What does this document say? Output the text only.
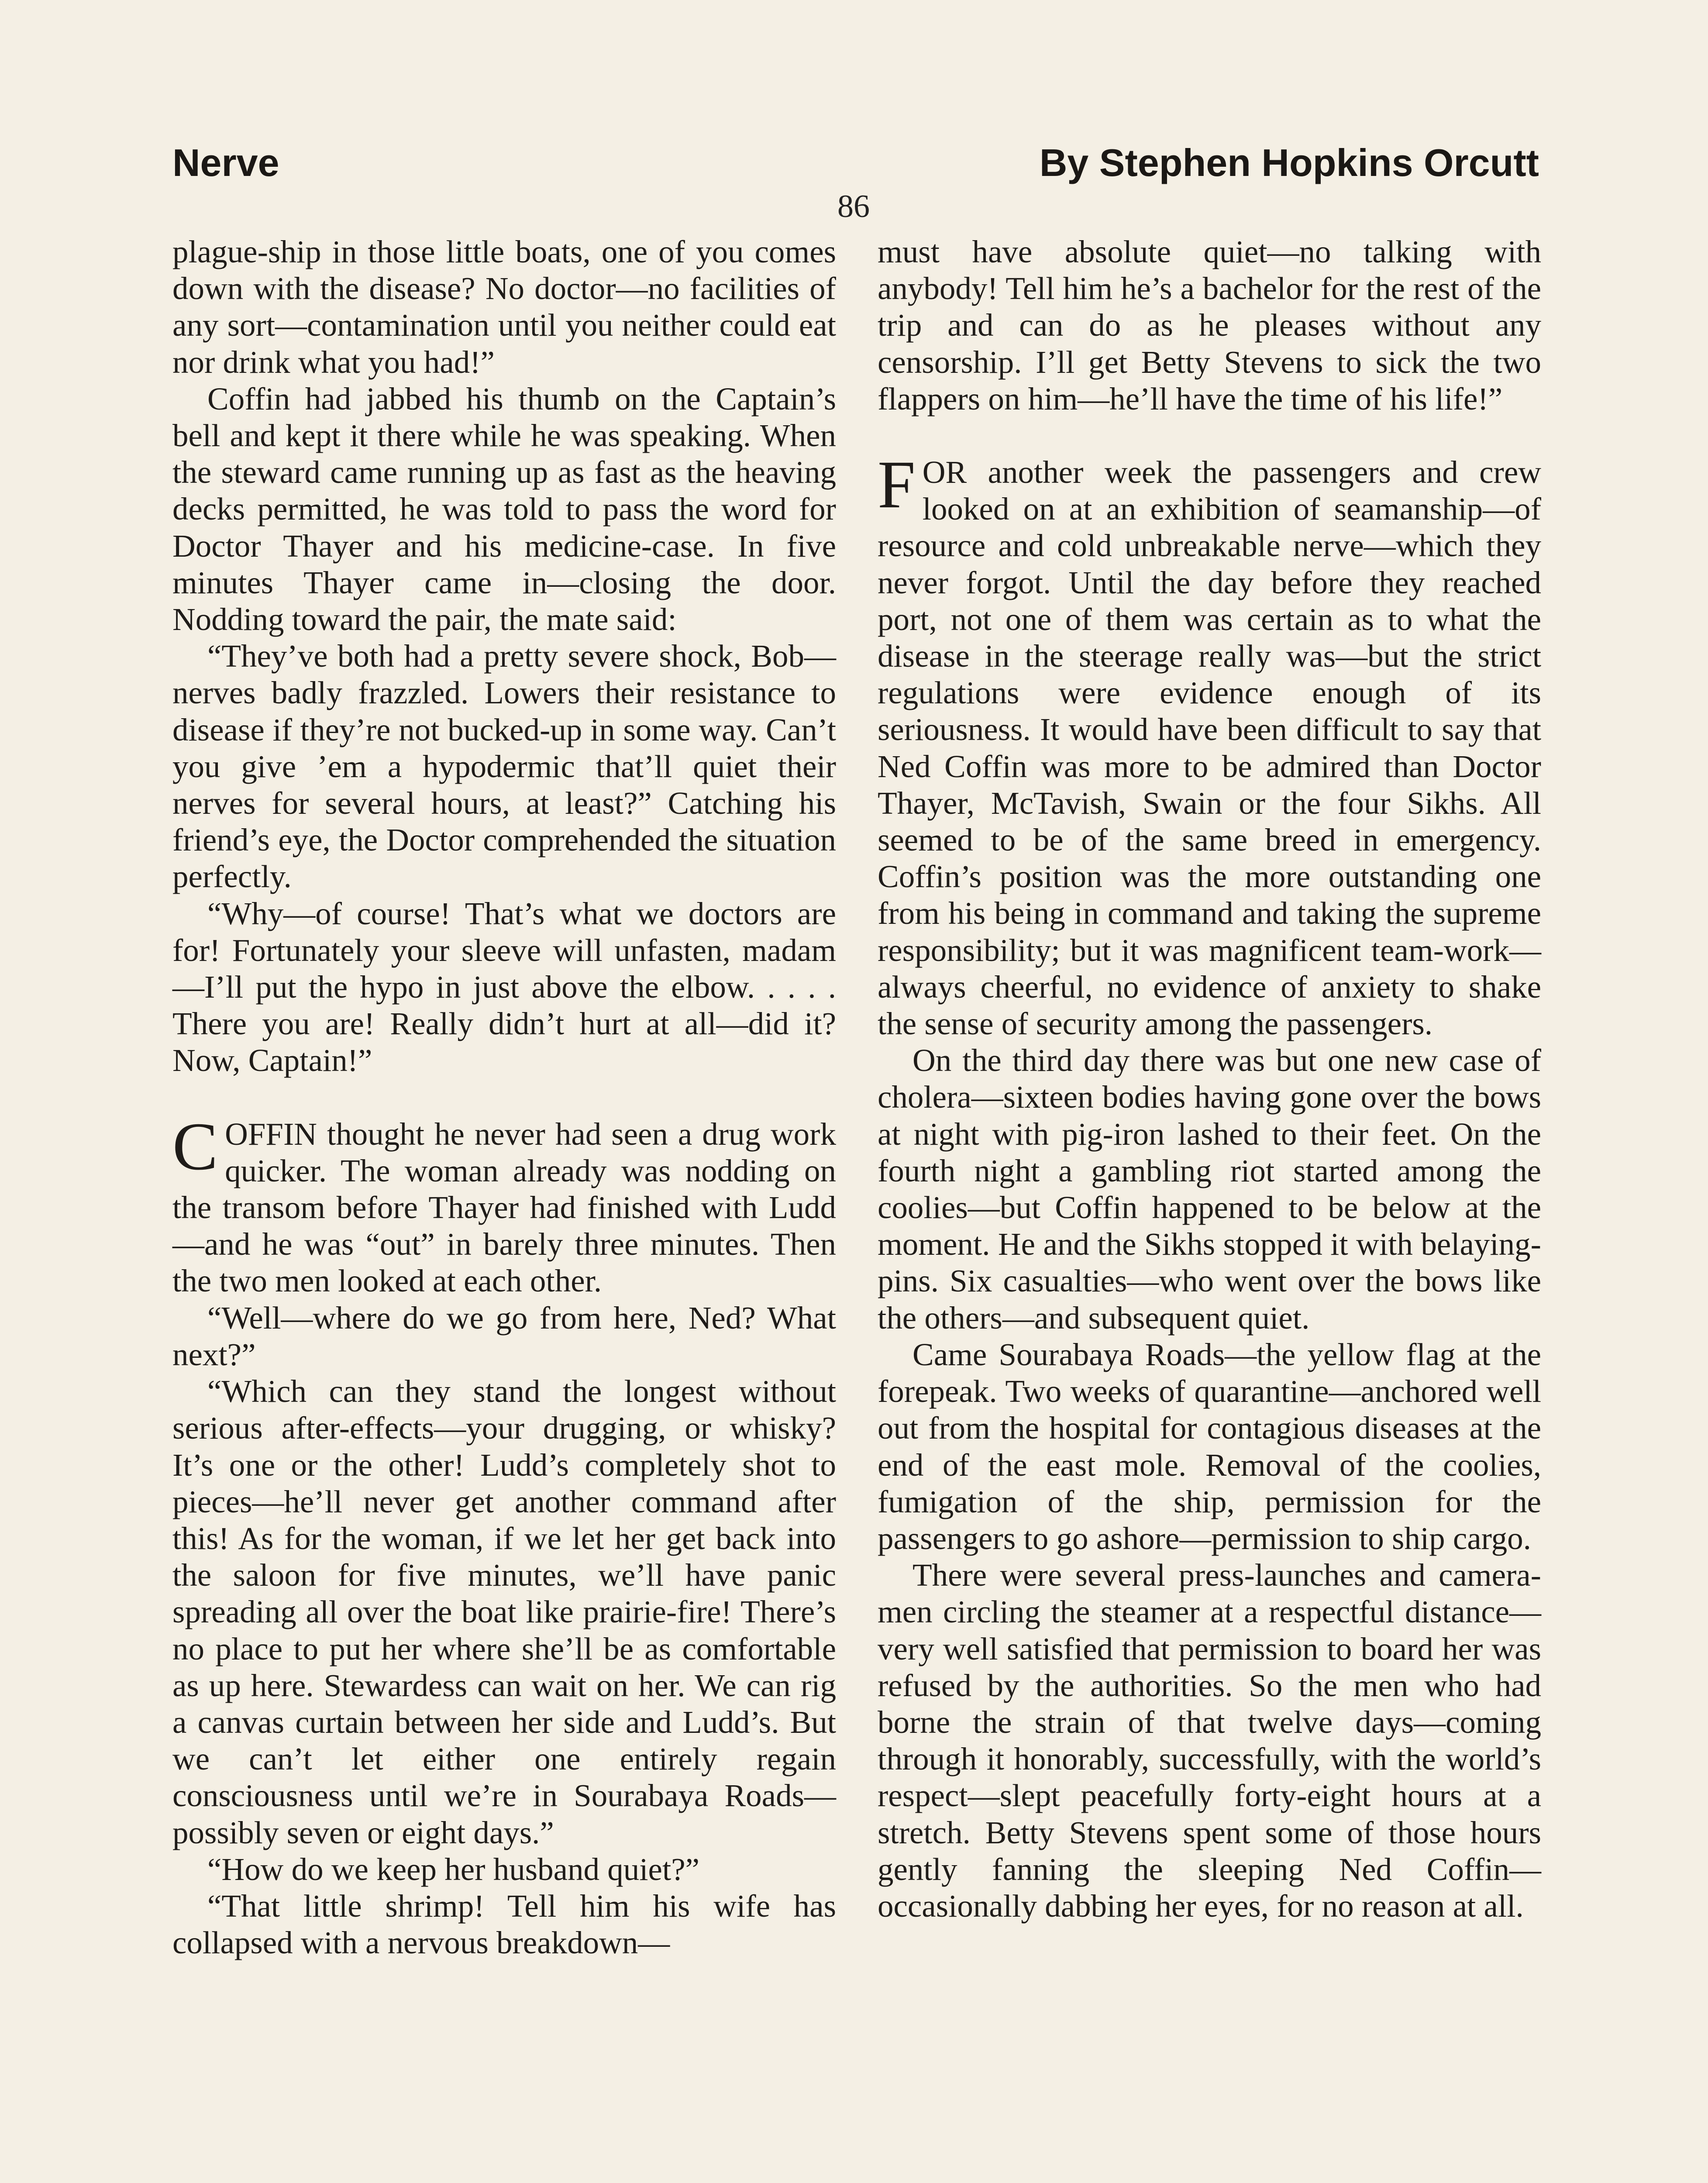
Nerve	By Stephen Hopkins Orcutt
86

plague-ship in those little boats, one of you comes down with the disease? No doctor—no facilities of any sort—contamination until you neither could eat nor drink what you had!”

Coffin had jabbed his thumb on the Captain’s bell and kept it there while he was speaking. When the steward came running up as fast as the heaving decks permitted, he was told to pass the word for Doctor Thayer and his medicine-case. In five minutes Thayer came in—closing the door. Nodding toward the pair, the mate said:

“They’ve both had a pretty severe shock, Bob—nerves badly frazzled. Lowers their resistance to disease if they’re not bucked-up in some way. Can’t you give ’em a hypodermic that’ll quiet their nerves for several hours, at least?” Catching his friend’s eye, the Doctor comprehended the situation perfectly.

“Why—of course! That’s what we doctors are for! Fortunately your sleeve will unfasten, madam—I’ll put the hypo in just above the elbow. . . . . There you are! Really didn’t hurt at all—did it? Now, Captain!”

COFFIN thought he never had seen a drug work quicker. The woman already was nodding on the transom before Thayer had finished with Ludd—and he was “out” in barely three minutes. Then the two men looked at each other.

“Well—where do we go from here, Ned? What next?”

“Which can they stand the longest without serious after-effects—your drugging, or whisky? It’s one or the other! Ludd’s completely shot to pieces—he’ll never get another command after this! As for the woman, if we let her get back into the saloon for five minutes, we’ll have panic spreading all over the boat like prairie-fire! There’s no place to put her where she’ll be as comfortable as up here. Stewardess can wait on her. We can rig a canvas curtain between her side and Ludd’s. But we can’t let either one entirely regain consciousness until we’re in Sourabaya Roads—possibly seven or eight days.”

“How do we keep her husband quiet?”

“That little shrimp! Tell him his wife has collapsed with a nervous breakdown—

must have absolute quiet—no talking with anybody! Tell him he’s a bachelor for the rest of the trip and can do as he pleases without any censorship. I’ll get Betty Stevens to sick the two flappers on him—he’ll have the time of his life!”

FOR another week the passengers and crew looked on at an exhibition of seamanship—of resource and cold unbreakable nerve—which they never forgot. Until the day before they reached port, not one of them was certain as to what the disease in the steerage really was—but the strict regulations were evidence enough of its seriousness. It would have been difficult to say that Ned Coffin was more to be admired than Doctor Thayer, McTavish, Swain or the four Sikhs. All seemed to be of the same breed in emergency. Coffin’s position was the more outstanding one from his being in command and taking the supreme responsibility; but it was magnificent team-work—always cheerful, no evidence of anxiety to shake the sense of security among the passengers.

On the third day there was but one new case of cholera—sixteen bodies having gone over the bows at night with pig-iron lashed to their feet. On the fourth night a gambling riot started among the coolies—but Coffin happened to be below at the moment. He and the Sikhs stopped it with belaying-pins. Six casualties—who went over the bows like the others—and subsequent quiet.

Came Sourabaya Roads—the yellow flag at the forepeak. Two weeks of quarantine—anchored well out from the hospital for contagious diseases at the end of the east mole. Removal of the coolies, fumigation of the ship, permission for the passengers to go ashore—permission to ship cargo.

There were several press-launches and camera-men circling the steamer at a respectful distance—very well satisfied that permission to board her was refused by the authorities. So the men who had borne the strain of that twelve days—coming through it honorably, successfully, with the world’s respect—slept peacefully forty-eight hours at a stretch. Betty Stevens spent some of those hours gently fanning the sleeping Ned Coffin—occasionally dabbing her eyes, for no reason at all.
